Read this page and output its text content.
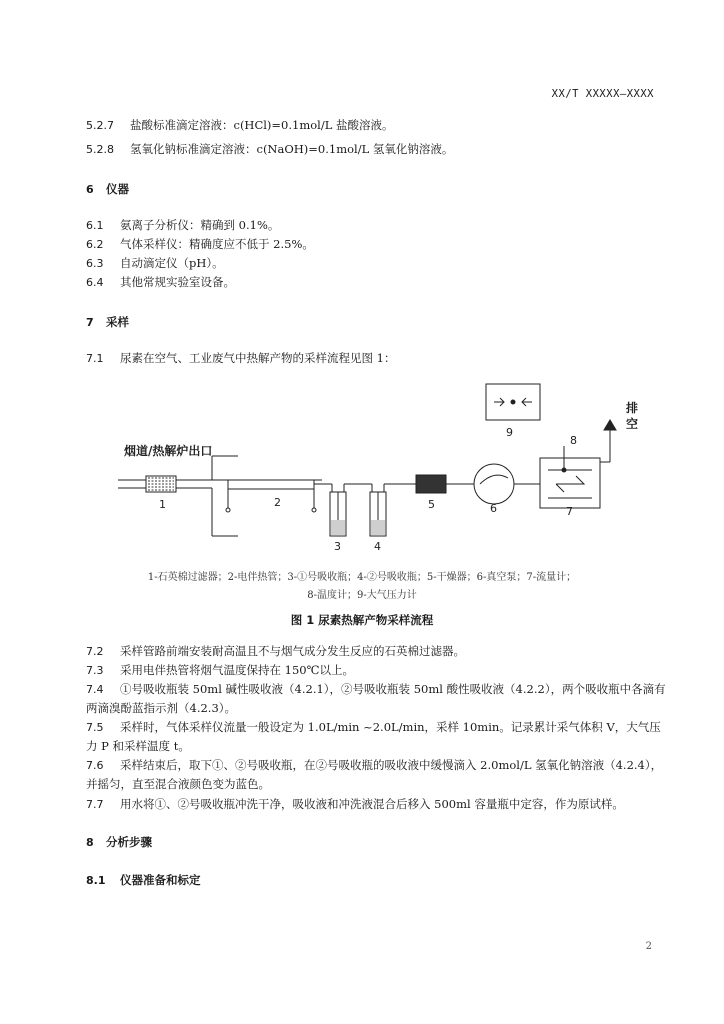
XX/T XXXXX—XXXX
5.2.7 盐酸标准滴定溶液：c(HCl)=0.1mol/L 盐酸溶液。
5.2.8 氢氧化钠标准滴定溶液：c(NaOH)=0.1mol/L 氢氧化钠溶液。
6 仪器
6.1 氨离子分析仪：精确到 0.1%。
6.2 气体采样仪：精确度应不低于 2.5%。
6.3 自动滴定仪（pH）。
6.4 其他常规实验室设备。
7 采样
7.1 尿素在空气、工业废气中热解产物的采样流程见图 1：
烟道/热解炉出口
排
空
1	2
3	4
5	6	7
8
9
1-石英棉过滤器；2-电伴热管；3-①号吸收瓶；4-②号吸收瓶；5-干燥器；6-真空泵；7-流量计；
8-温度计；9-大气压力计
图 1 尿素热解产物采样流程
7.2 采样管路前端安装耐高温且不与烟气成分发生反应的石英棉过滤器。
7.3 采用电伴热管将烟气温度保持在 150℃以上。
7.4 ①号吸收瓶装 50ml 碱性吸收液（4.2.1），②号吸收瓶装 50ml 酸性吸收液（4.2.2），两个吸收瓶中各滴有两滴溴酚蓝指示剂（4.2.3）。
7.5 采样时，气体采样仪流量一般设定为 1.0L/min ~2.0L/min，采样 10min。记录累计采气体积 V，大气压力 P 和采样温度 t。
7.6 采样结束后，取下①、②号吸收瓶，在②号吸收瓶的吸收液中缓慢滴入 2.0mol/L 氢氧化钠溶液（4.2.4），并摇匀，直至混合液颜色变为蓝色。
7.7 用水将①、②号吸收瓶冲洗干净，吸收液和冲洗液混合后移入 500ml 容量瓶中定容，作为原试样。
8 分析步骤
8.1 仪器准备和标定
2
